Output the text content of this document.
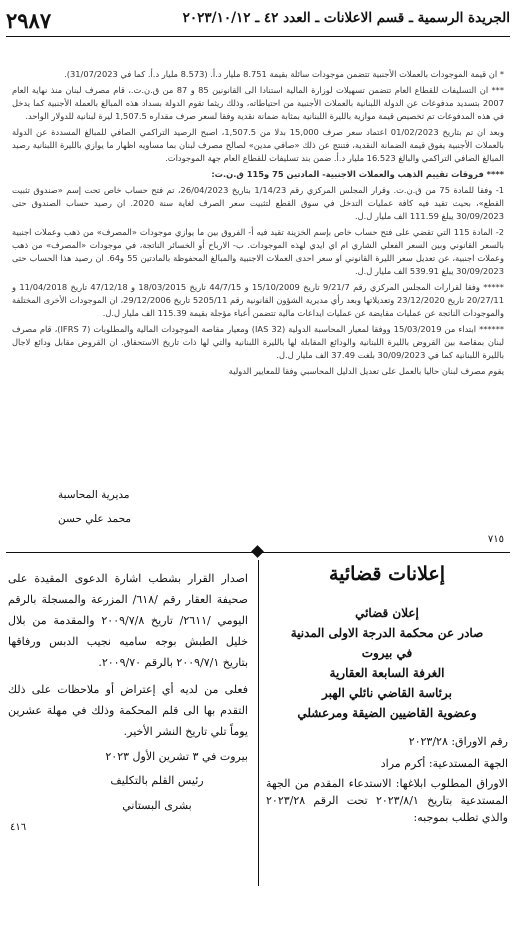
الجريدة الرسمية ـ قسم الاعلانات ـ العدد ٤٢ ـ ٢٠٢٣/١٠/١٢
٢٩٨٧

* ان قيمة الموجودات بالعملات الأجنبية تتضمن موجودات سائلة بقيمة 8.751 مليار د.أ. (8.573 مليار د.أ. كما في 31/07/2023).

*** ان التسليفات للقطاع العام تتضمن تسهيلات لوزارة المالية استنادا الى القانونين 85 و 87 من ق.ن.ت.، قام مصرف لبنان منذ نهاية العام 2007 بتسديد مدفوعات عن الدولة اللبنانية بالعملات الأجنبية من احتياطاته، وذلك ريثما تقوم الدولة بسداد هذه المبالغ بالعملة الأجنبية كما يدخل في هذه المدفوعات تم تخصيص قيمة موازية بالليرة اللبنانية بمثابة ضمانة نقدية وفقا لسعر صرف مقداره 1,507.5 ليرة لبنانية للدولار الواحد.

وبعد ان تم بتاريخ 01/02/2023 اعتماد سعر صرف 15,000 بدلا من 1,507.5، اصبح الرصيد التراكمي الصافي للمبالغ المسددة عن الدولة بالعملات الأجنبية يفوق قيمة الضمانة النقدية، فتنتج عن ذلك «صافي مدين» لصالح مصرف لبنان بما مساويه اظهار ما يوازي بالليرة اللبنانية رصيد المبالغ الصافي التراكمي والبالغ 16.523 مليار د.أ. ضمن بند تسليفات للقطاع العام جهة الموجودات.

**** فروقات تقييم الذهب والعملات الاجنبية- المادتين 75 و115 ق.ن.ت:

1- وفقا للمادة 75 من ق.ن.ت. وقرار المجلس المركزي رقم 1/14/23 بتاريخ 26/04/2023، تم فتح حساب خاص تحت إسم «صندوق تثبيت القطع»، بحيث تقيد فيه كافة عمليات التدخل في سوق القطع لتثبيت سعر الصرف لغاية سنة 2020. ان رصيد حساب الصندوق حتى 30/09/2023 يبلغ 111.59 الف مليار ل.ل.

2- المادة 115 التي تقضي على فتح حساب خاص بإسم الخزينة تقيد فيه أ- الفروق بين ما يوازي موجودات «المصرف» من ذهب وعملات اجنبية بالسعر القانوني وبين السعر الفعلي الشاري ام اي ايدي لهذه الموجودات. ب- الارباح أو الخسائر الناتجة، في موجودات «المصرف» من ذهب وعملات اجنبية، عن تعديل سعر الليرة القانوني او سعر احدى العملات الاجنبية والمبالغ المحفوظة بالمادتين 55 و64. ان رصيد هذا الحساب حتى 30/09/2023 يبلغ 539.91 الف مليار ل.ل.

***** وفقا لقرارات المجلس المركزي رقم 9/21/7 تاريخ 15/10/2009 و 44/7/15 تاريخ 18/03/2015 و 47/12/18 تاريخ 11/04/2018 و 20/27/11 تاريخ 23/12/2020 وتعديلاتها وبعد رأي مديرية الشؤون القانونية رقم 5205/11 تاريخ 29/12/2006، ان الموجودات الأخرى المختلفة والموجودات الناتجة عن عمليات مقايضة عن عمليات ايداعات مالية تتضمن أعباء مؤجلة بقيمة 115.39 الف مليار ل.ل.

****** ابتداء من 15/03/2019 ووفقا لمعيار المحاسبة الدولية (IAS 32) ومعيار مقاصة الموجودات المالية والمطلوبات (IFRS 7)، قام مصرف لبنان بمقاصة بين القروض بالليرة اللبنانية والودائع المقابلة لها بالليرة اللبنانية والتي لها ذات تاريخ الاستحقاق. ان القروض مقابل ودائع لاجال بالليرة اللبنانية كما في 30/09/2023 بلغت 37.49 الف مليار ل.ل.

يقوم مصرف لبنان حاليا بالعمل على تعديل الدليل المحاسبي وفقا للمعايير الدولية

مديرية المحاسبة
محمد علي حسن
٧١٥

إعلانات قضائية

إعلان قضائي

صادر عن محكمة الدرجة الاولى المدنية

في بيروت

الغرفة السابعة العقارية

برئاسة القاضي نائلي الهبر

وعضوية القاضيين الضيقة ومرعشلي

رقم الاوراق: ٢٠٢٣/٢٨

الجهة المستدعية: أكرم مراد

الاوراق المطلوب ابلاغها: الاستدعاء المقدم من الجهة المستدعية بتاريخ ٢٠٢٣/٨/١ تحت الرقم ٢٠٢٣/٢٨ والذي تطلب بموجبه:

اصدار القرار بشطب اشارة الدعوى المقيدة على صحيفة العقار رقم /٦١٨/ المزرعة والمسجلة بالرقم اليومي /٢٦١١/ تاريخ ٢٠٠٩/٧/٨ والمقدمة من بلال خليل الطبش بوجه ساميه نجيب الدبس ورفاقها بتاريخ ٢٠٠٩/٧/١ بالرقم ٢٠٠٩/٧٠.

فعلى من لديه أي إعتراض أو ملاحظات على ذلك التقدم بها الى قلم المحكمة وذلك في مهلة عشرين يوماً تلي تاريخ النشر الأخير.

بيروت في ٣ تشرين الأول ٢٠٢٣

رئيس القلم بالتكليف

بشرى البستاني

٤١٦
